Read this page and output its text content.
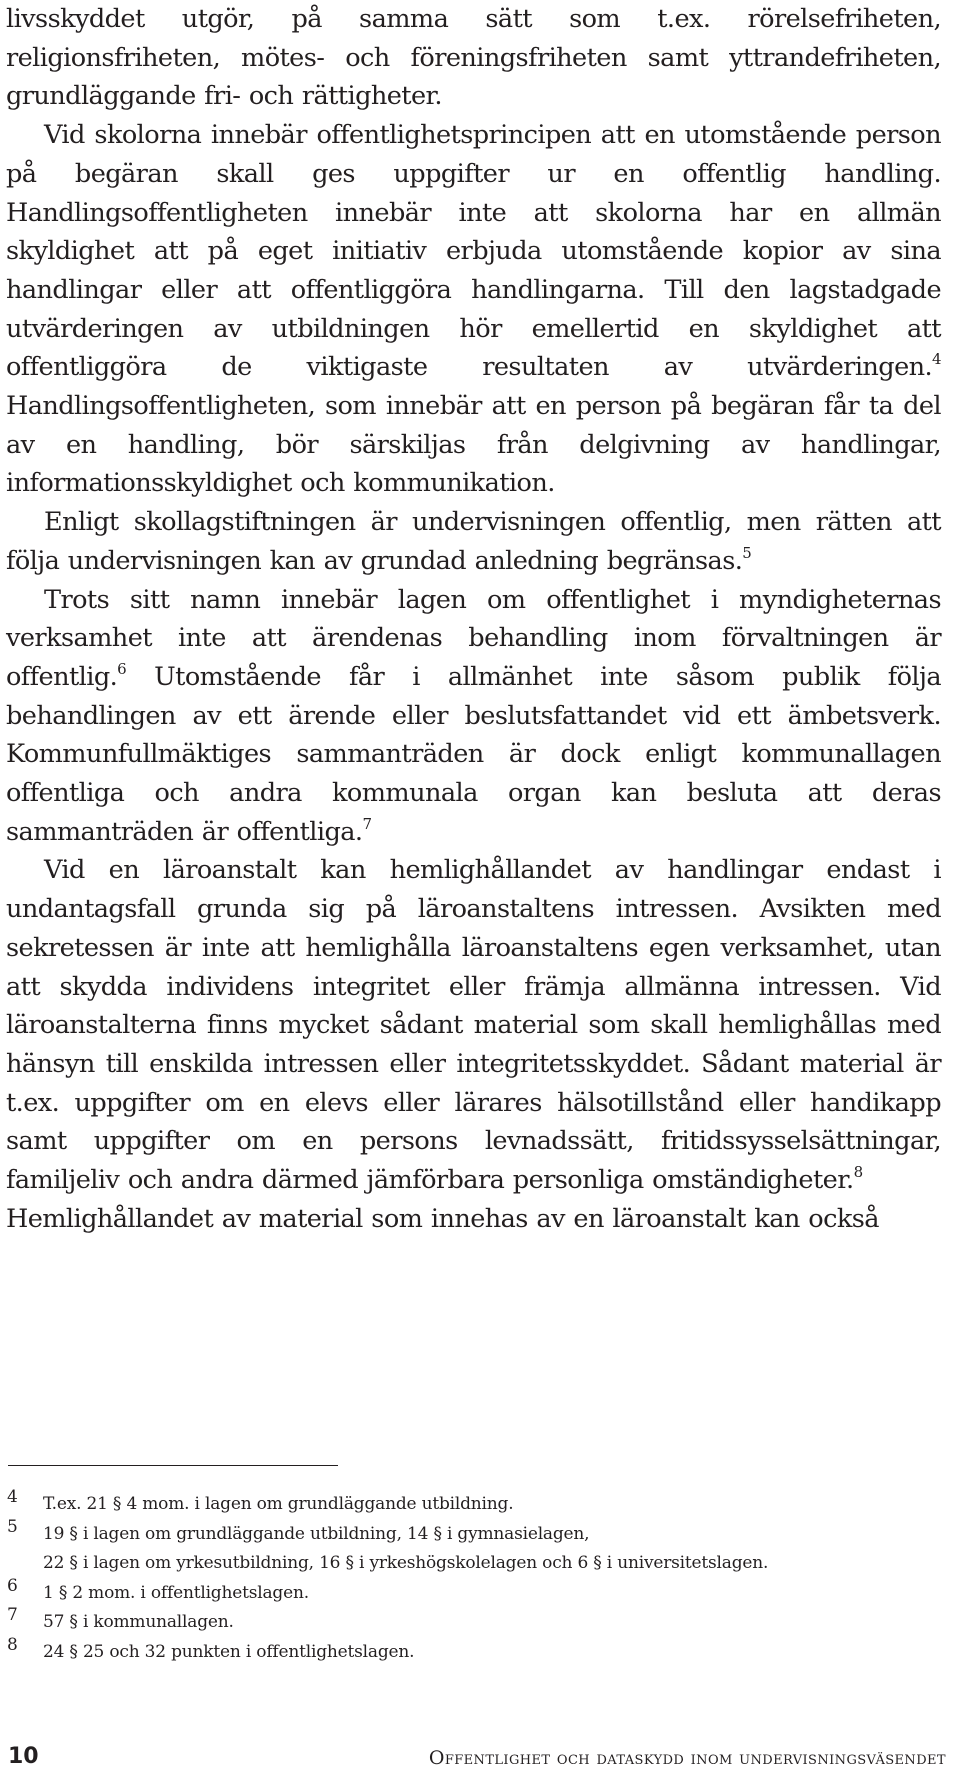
livsskyddet utgör, på samma sätt som t.ex. rörelsefriheten, religionsfriheten, mötes- och föreningsfriheten samt yttrandefriheten, grundläggande fri- och rättigheter.

Vid skolorna innebär offentlighetsprincipen att en utomstående person på begäran skall ges uppgifter ur en offentlig handling. Handlingsoffentligheten innebär inte att skolorna har en allmän skyldighet att på eget initiativ erbjuda utomstående kopior av sina handlingar eller att offentliggöra handlingarna. Till den lagstadgade utvärderingen av utbildningen hör emellertid en skyldighet att offentliggöra de viktigaste resultaten av utvärderingen.$^4$ Handlingsoffentligheten, som innebär att en person på begäran får ta del av en handling, bör särskiljas från delgivning av handlingar, informationsskyldighet och kommunikation.

Enligt skollagstiftningen är undervisningen offentlig, men rätten att följa undervisningen kan av grundad anledning begränsas.$^5$

Trots sitt namn innebär lagen om offentlighet i myndigheternas verksamhet inte att ärendenas behandling inom förvaltningen är offentlig.$^6$ Utomstående får i allmänhet inte såsom publik följa behandlingen av ett ärende eller beslutsfattandet vid ett ämbetsverk. Kommunfullmäktiges sammanträden är dock enligt kommunallagen offentliga och andra kommunala organ kan besluta att deras sammanträden är offentliga.$^7$

Vid en läroanstalt kan hemlighållandet av handlingar endast i undantagsfall grunda sig på läroanstaltens intressen. Avsikten med sekretessen är inte att hemlighålla läroanstaltens egen verksamhet, utan att skydda individens integritet eller främja allmänna intressen. Vid läroanstalterna finns mycket sådant material som skall hemlighållas med hänsyn till enskilda intressen eller integritetsskyddet. Sådant material är t.ex. uppgifter om en elevs eller lärares hälsotillstånd eller handikapp samt uppgifter om en persons levnadssätt, fritidssysselsättningar, familjeliv och andra därmed jämförbara personliga omständigheter.$^8$

Hemlighållandet av material som innehas av en läroanstalt kan också

4 T.ex. 21 § 4 mom. i lagen om grundläggande utbildning.
5 19 § i lagen om grundläggande utbildning, 14 § i gymnasielagen,
22 § i lagen om yrkesutbildning, 16 § i yrkeshögskolelagen och 6 § i universitetslagen.
6 1 § 2 mom. i offentlighetslagen.
7 57 § i kommunallagen.
8 24 § 25 och 32 punkten i offentlighetslagen.
10	Offentlighet och dataskydd inom undervisningsväsendet
